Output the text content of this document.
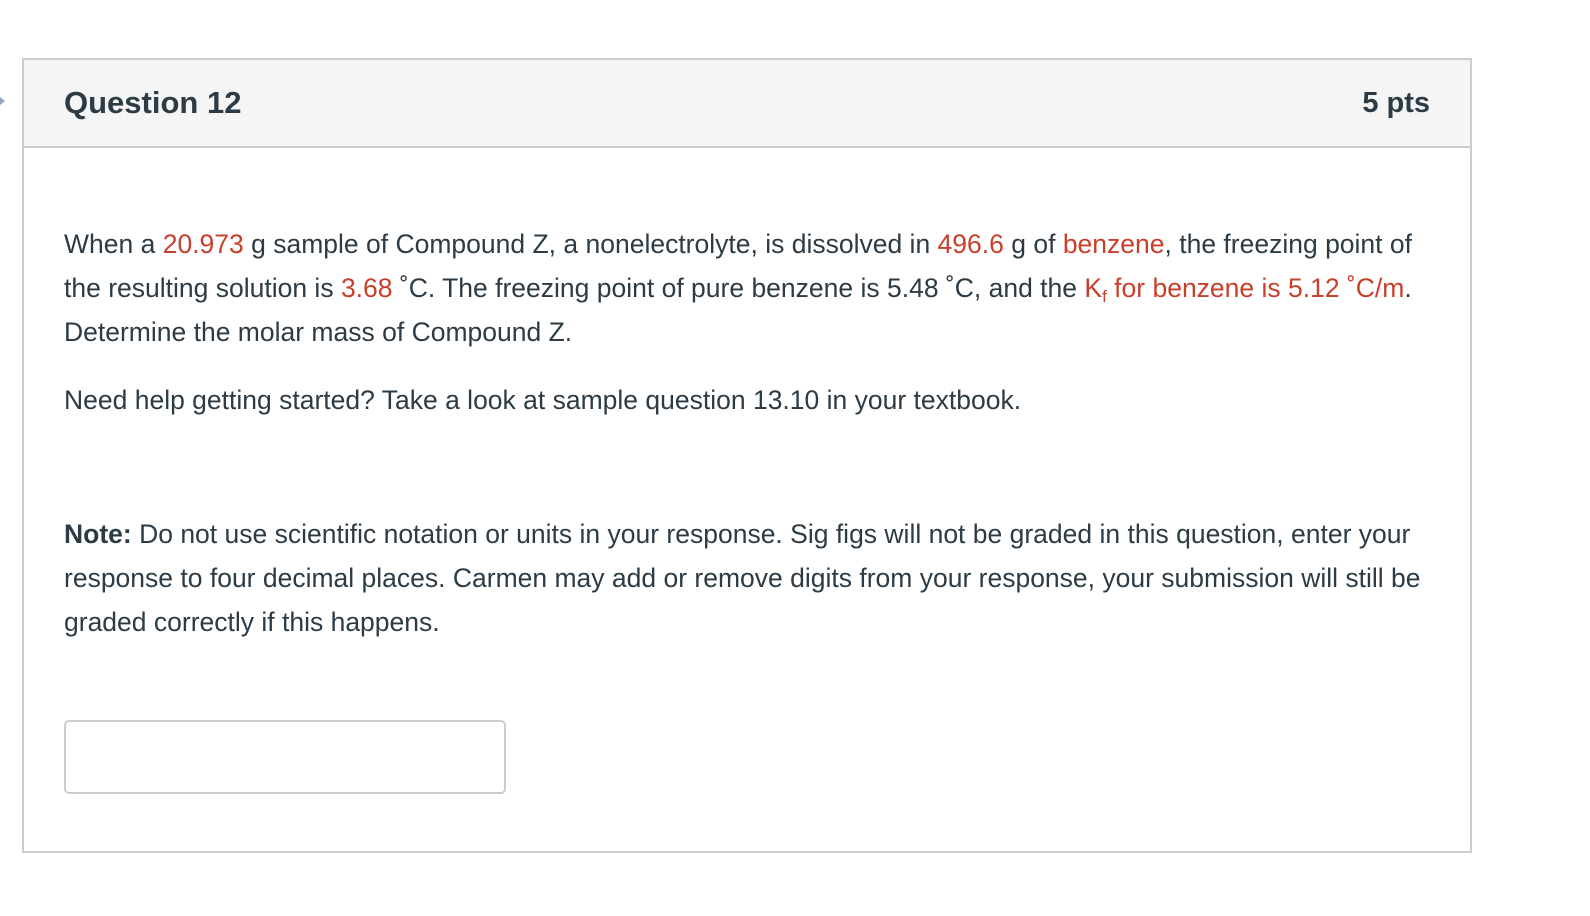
Question 12	5 pts

When a 20.973 g sample of Compound Z, a nonelectrolyte, is dissolved in 496.6 g of benzene, the freezing point of the resulting solution is 3.68 ˚C. The freezing point of pure benzene is 5.48 ˚C, and the $K_f$ for benzene is 5.12 ˚C/m. Determine the molar mass of Compound Z.

Need help getting started? Take a look at sample question 13.10 in your textbook.

Note: Do not use scientific notation or units in your response. Sig figs will not be graded in this question, enter your response to four decimal places. Carmen may add or remove digits from your response, your submission will still be graded correctly if this happens.
